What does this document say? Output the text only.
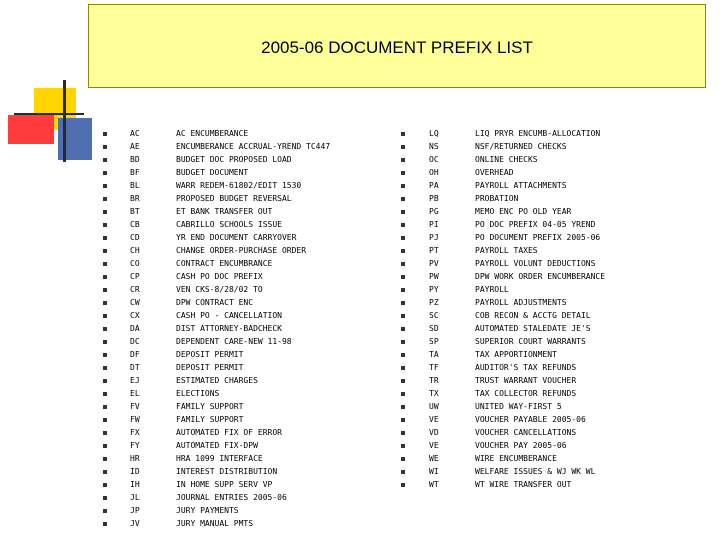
2005-06 DOCUMENT PREFIX LIST
AC	AC ENCUMBERANCE
AE	ENCUMBERANCE ACCRUAL-YREND TC447
BD	BUDGET DOC PROPOSED LOAD
BF	BUDGET DOCUMENT
BL	WARR REDEM-61802/EDIT 1530
BR	PROPOSED BUDGET REVERSAL
BT	ET BANK TRANSFER OUT
CB	CABRILLO SCHOOLS ISSUE
CD	YR END DOCUMENT CARRYOVER
CH	CHANGE ORDER-PURCHASE ORDER
CO	CONTRACT ENCUMBRANCE
CP	CASH PO DOC PREFIX
CR	VEN CKS-8/28/02 TO
CW	DPW CONTRACT ENC
CX	CASH PO - CANCELLATION
DA	DIST ATTORNEY-BADCHECK
DC	DEPENDENT CARE-NEW 11-98
DF	DEPOSIT PERMIT
DT	DEPOSIT PERMIT
EJ	ESTIMATED CHARGES
EL	ELECTIONS
FV	FAMILY SUPPORT
FW	FAMILY SUPPORT
FX	AUTOMATED FIX OF ERROR
FY	AUTOMATED FIX-DPW
HR	HRA 1099 INTERFACE
ID	INTEREST DISTRIBUTION
IH	IN HOME SUPP SERV VP
JL	JOURNAL ENTRIES 2005-06
JP	JURY PAYMENTS
JV	JURY MANUAL PMTS
LQ	LIQ PRYR ENCUMB-ALLOCATION
NS	NSF/RETURNED CHECKS
OC	ONLINE CHECKS
OH	OVERHEAD
PA	PAYROLL ATTACHMENTS
PB	PROBATION
PG	MEMO ENC PO OLD YEAR
PI	PO DOC PREFIX 04-05 YREND
PJ	PO DOCUMENT PREFIX 2005-06
PT	PAYROLL TAXES
PV	PAYROLL VOLUNT DEDUCTIONS
PW	DPW WORK ORDER ENCUMBERANCE
PY	PAYROLL
PZ	PAYROLL ADJUSTMENTS
SC	COB RECON & ACCTG DETAIL
SD	AUTOMATED STALEDATE JE'S
SP	SUPERIOR COURT WARRANTS
TA	TAX APPORTIONMENT
TF	AUDITOR'S TAX REFUNDS
TR	TRUST WARRANT VOUCHER
TX	TAX COLLECTOR REFUNDS
UW	UNITED WAY-FIRST 5
VE	VOUCHER PAYABLE 2005-06
VD	VOUCHER CANCELLATIONS
VE	VOUCHER PAY 2005-06
WE	WIRE ENCUMBERANCE
WI	WELFARE ISSUES & WJ WK WL
WT	WT WIRE TRANSFER OUT
